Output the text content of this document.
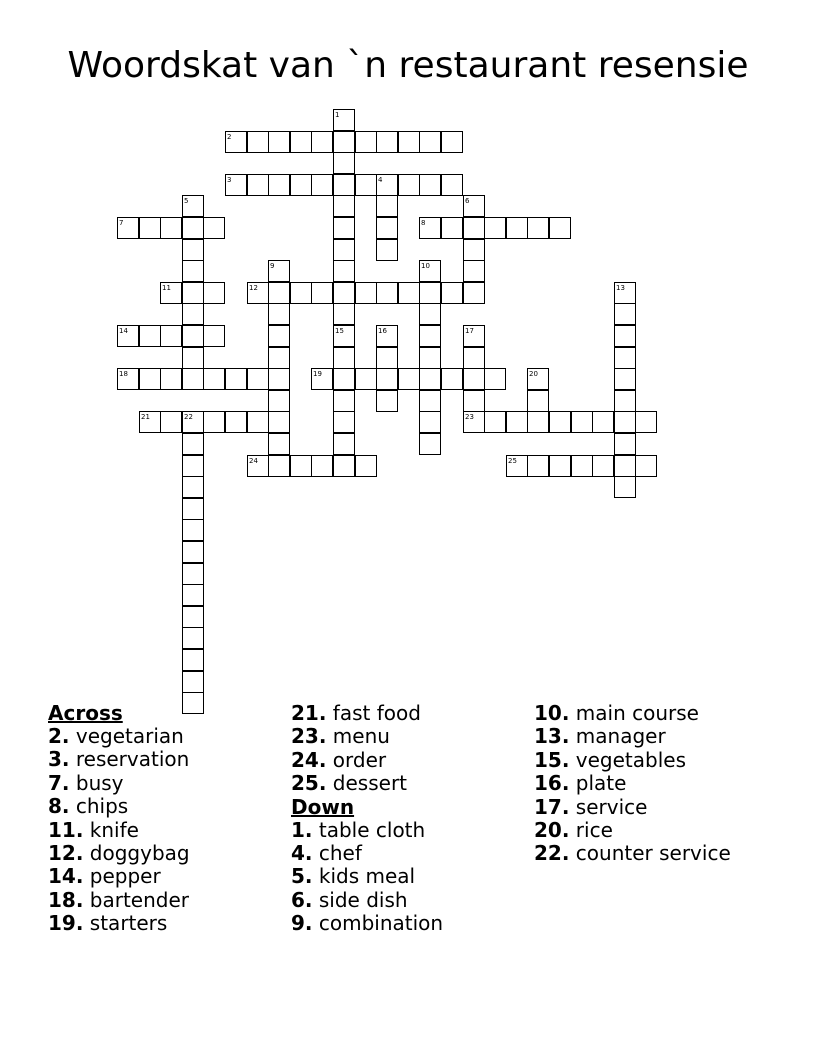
Woordskat van `n restaurant resensie
1
2
3	4
5	6
7	8
9	10
11	12	13
14	15	16	17
23
18	19	20
21	22
24	25
Across
2. vegetarian
3. reservation
7. busy
8. chips
11. knife
12. doggybag
14. pepper
18. bartender
19. starters
21. fast food
23. menu
24. order
25. dessert
Down
1. table cloth
4. chef
5. kids meal
6. side dish
9. combination
10. main course
13. manager
15. vegetables
16. plate
17. service
20. rice
22. counter service
